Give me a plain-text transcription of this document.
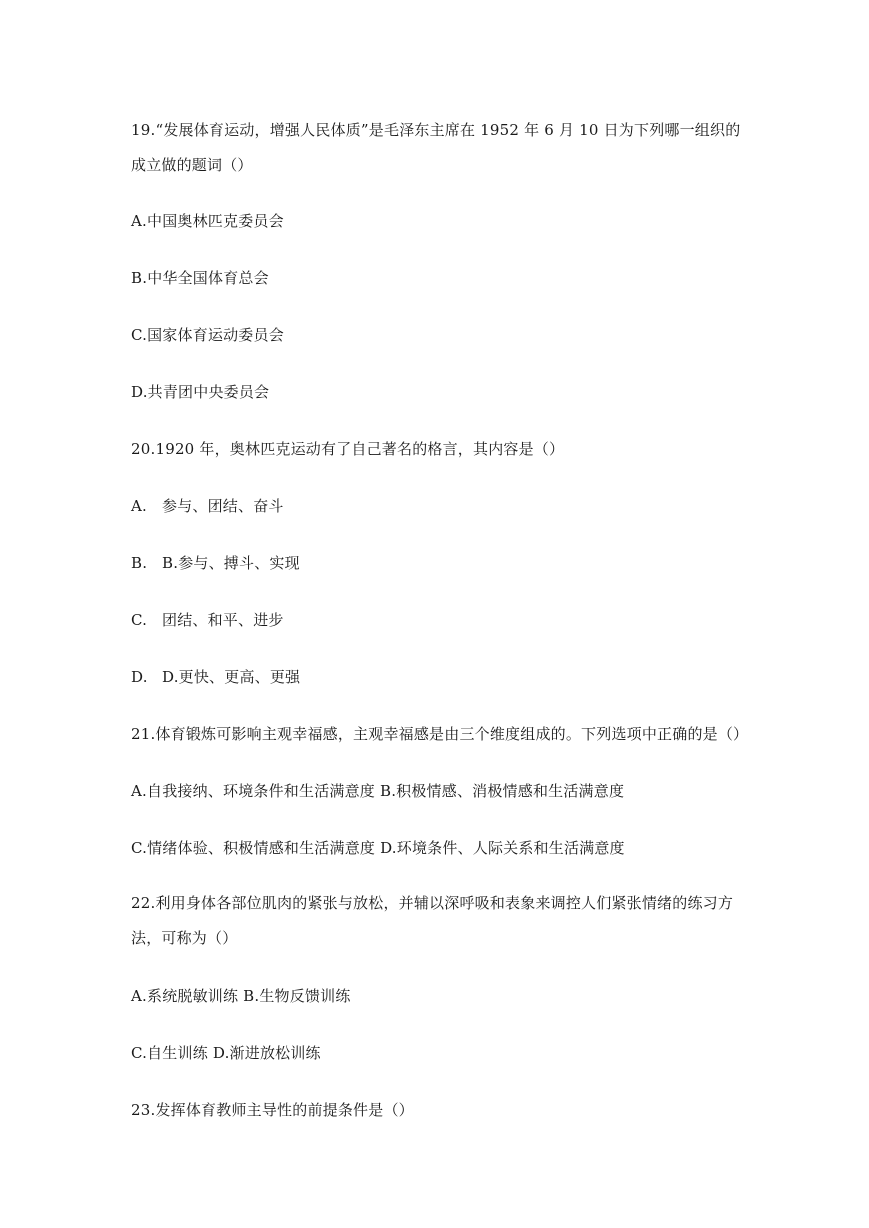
19.“发展体育运动，增强人民体质”是毛泽东主席在 1952 年 6 月 10 日为下列哪一组织的
成立做的题词（）
A.中国奥林匹克委员会
B.中华全国体育总会
C.国家体育运动委员会
D.共青团中央委员会
20.1920 年，奥林匹克运动有了自己著名的格言，其内容是（）
A. 参与、团结、奋斗
B. B.参与、搏斗、实现
C. 团结、和平、进步
D. D.更快、更高、更强
21.体育锻炼可影响主观幸福感，主观幸福感是由三个维度组成的。下列选项中正确的是（）
A.自我接纳、环境条件和生活满意度 B.积极情感、消极情感和生活满意度
C.情绪体验、积极情感和生活满意度 D.环境条件、人际关系和生活满意度
22.利用身体各部位肌肉的紧张与放松，并辅以深呼吸和表象来调控人们紧张情绪的练习方
法，可称为（）
A.系统脱敏训练 B.生物反馈训练
C.自生训练 D.渐进放松训练
23.发挥体育教师主导性的前提条件是（）
